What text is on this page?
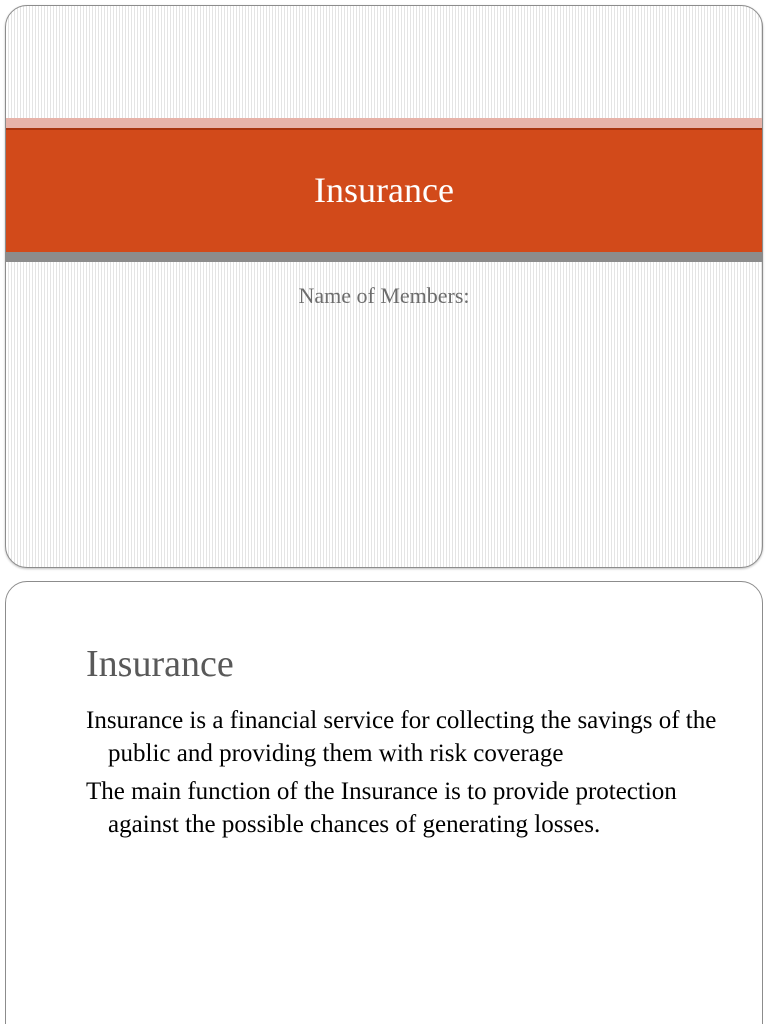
Insurance
Name of Members:
Insurance

Insurance is a financial service for collecting the savings of the public and providing them with risk coverage

The main function of the Insurance is to provide protection against the possible chances of generating losses.
